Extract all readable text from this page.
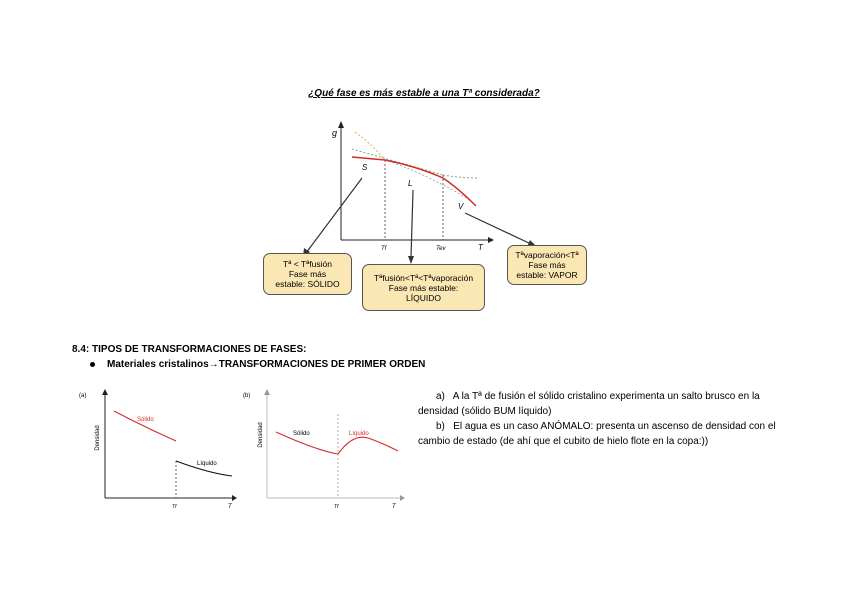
¿Qué fase es más estable a una Tª considerada?
g
T
Tf	Tev
S
L
V
Tª < Tªfusión
Fase más
estable: SÓLIDO
Tªfusión<Tª<Tªvaporación
Fase más estable:
LÍQUIDO
Tªvaporación<Tª
Fase más
estable: VAPOR
8.4: TIPOS DE TRANSFORMACIONES DE FASES:
Materiales cristalinos→TRANSFORMACIONES DE PRIMER ORDEN
(a)
Densidad
Sólido
Líquido
Tf	T
(b)
Densidad	Sólido	Líquido
Tf	T

a) A la Tª de fusión el sólido cristalino experimenta un salto brusco en la densidad (sólido BUM líquido)

b) El agua es un caso ANÓMALO: presenta un ascenso de densidad con el cambio de estado (de ahí que el cubito de hielo flote en la copa:))
